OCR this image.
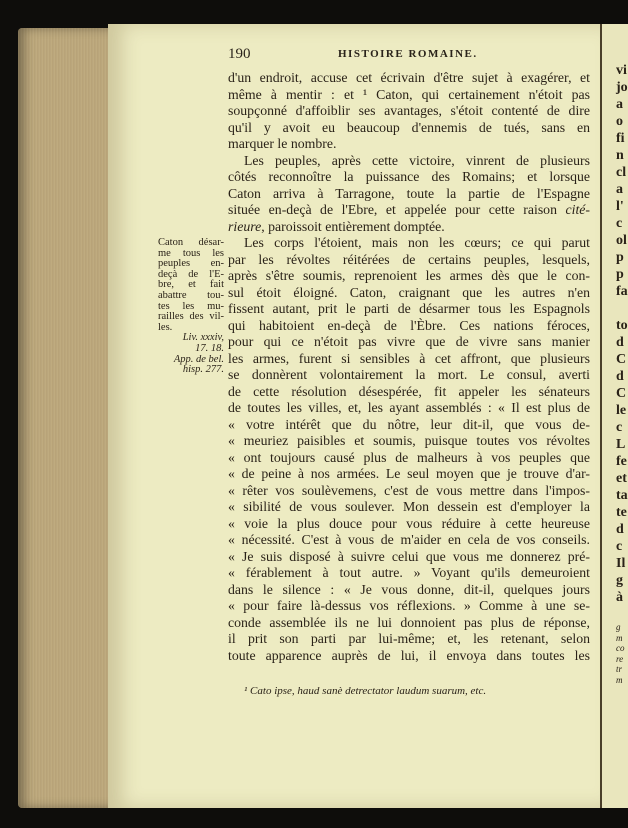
190	HISTOIRE ROMAINE.
d'un endroit, accuse cet écrivain d'être sujet à exagérer, et
même à mentir : et ¹ Caton, qui certainement n'étoit pas
soupçonné d'affoiblir ses avantages, s'étoit contenté de dire
qu'il y avoit eu beaucoup d'ennemis de tués, sans en
marquer le nombre.
Les peuples, après cette victoire, vinrent de plusieurs
côtés reconnoître la puissance des Romains; et lorsque
Caton arriva à Tarragone, toute la partie de l'Espagne
située en-deçà de l'Ebre, et appelée pour cette raison cité-
rieure, paroissoit entièrement domptée.
Les corps l'étoient, mais non les cœurs; ce qui parut
par les révoltes réitérées de certains peuples, lesquels,
après s'être soumis, reprenoient les armes dès que le con-
sul étoit éloigné. Caton, craignant que les autres n'en
fissent autant, prit le parti de désarmer tous les Espagnols
qui habitoient en-deçà de l'Èbre. Ces nations féroces,
pour qui ce n'étoit pas vivre que de vivre sans manier
les armes, furent si sensibles à cet affront, que plusieurs
se donnèrent volontairement la mort. Le consul, averti
de cette résolution désespérée, fit appeler les sénateurs
de toutes les villes, et, les ayant assemblés : « Il est plus de
« votre intérêt que du nôtre, leur dit-il, que vous de-
« meuriez paisibles et soumis, puisque toutes vos révoltes
« ont toujours causé plus de malheurs à vos peuples que
« de peine à nos armées. Le seul moyen que je trouve d'ar-
« rêter vos soulèvemens, c'est de vous mettre dans l'impos-
« sibilité de vous soulever. Mon dessein est d'employer la
« voie la plus douce pour vous réduire à cette heureuse
« nécessité. C'est à vous de m'aider en cela de vos conseils.
« Je suis disposé à suivre celui que vous me donnerez pré-
« férablement à tout autre. » Voyant qu'ils demeuroient
dans le silence : « Je vous donne, dit-il, quelques jours
« pour faire là-dessus vos réflexions. » Comme à une se-
conde assemblée ils ne lui donnoient pas plus de réponse,
il prit son parti par lui-même; et, les retenant, selon
toute apparence auprès de lui, il envoya dans toutes les
Caton désar-
me tous les
peuples en-
deçà de l'E-
bre, et fait
abattre tou-
tes les mu-
railles des vil-
les.
Liv. xxxiv,
17. 18.
App. de bel.
hisp. 277.
¹ Cato ipse, haud sanè detrectator laudum suarum, etc.
vi
jo
a
o
fi
n
cl
a
l'
c
ol
p
p
fa
to
d
C
d
C
le
c
L
fe
et
ta
te
d
c
Il
g
à
g
m
co
re
tr
m
